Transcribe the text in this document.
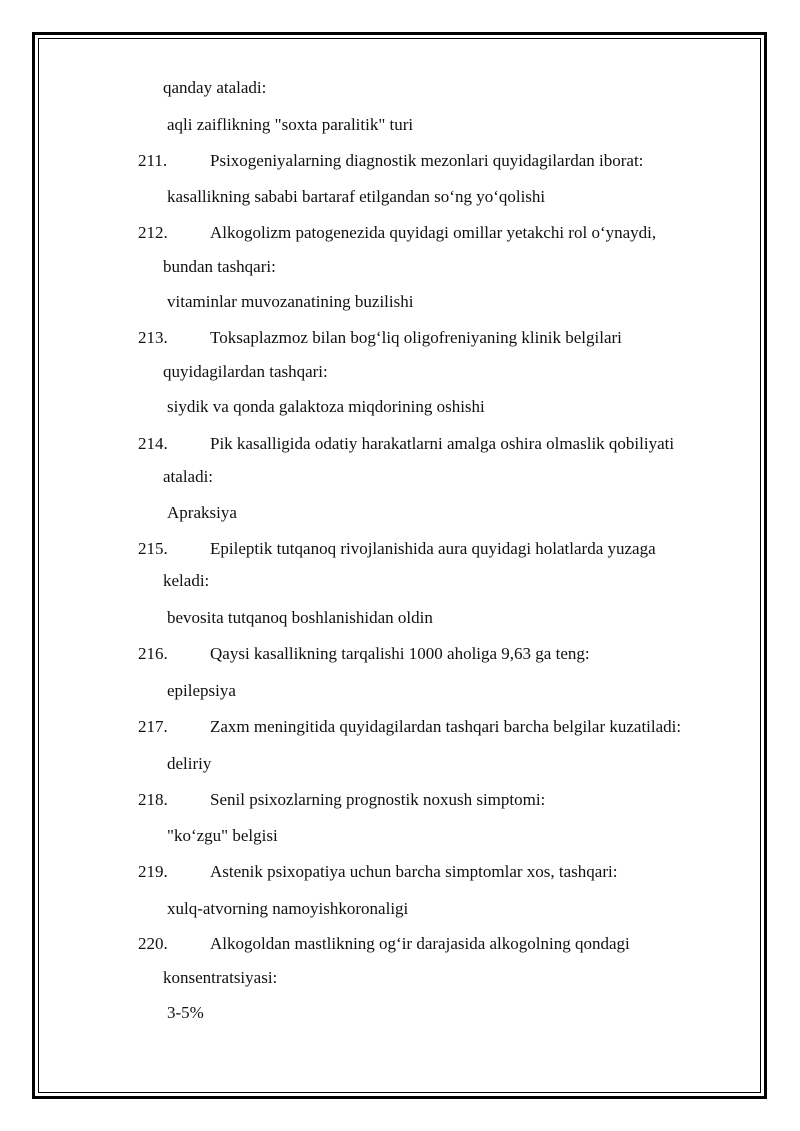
qanday ataladi:
aqli zaiflikning "soxta paralitik" turi
211.	Psixogeniyalarning diagnostik mezonlari quyidagilardan iborat:
kasallikning sababi bartaraf etilgandan so‘ng yo‘qolishi
212. Alkogolizm patogenezida quyidagi omillar yetakchi rol o‘ynaydi,
bundan tashqari:
vitaminlar muvozanatining buzilishi
213. Toksaplazmoz bilan bog‘liq oligofreniyaning klinik belgilari
quyidagilardan tashqari:
siydik va qonda galaktoza miqdorining oshishi
214. Pik kasalligida odatiy harakatlarni amalga oshira olmaslik qobiliyati
ataladi:
Apraksiya
215. Epileptik tutqanoq rivojlanishida aura quyidagi holatlarda yuzaga
keladi:
bevosita tutqanoq boshlanishidan oldin
216. Qaysi kasallikning tarqalishi 1000 aholiga 9,63 ga teng:
epilepsiya
217. Zaxm meningitida quyidagilardan tashqari barcha belgilar kuzatiladi:
deliriy
218. Senil psixozlarning prognostik noxush simptomi:
"ko‘zgu" belgisi
219. Astenik psixopatiya uchun barcha simptomlar xos, tashqari:
xulq-atvorning namoyishkoronaligi
220. Alkogoldan mastlikning og‘ir darajasida alkogolning qondagi
konsentratsiyasi:
3-5%
